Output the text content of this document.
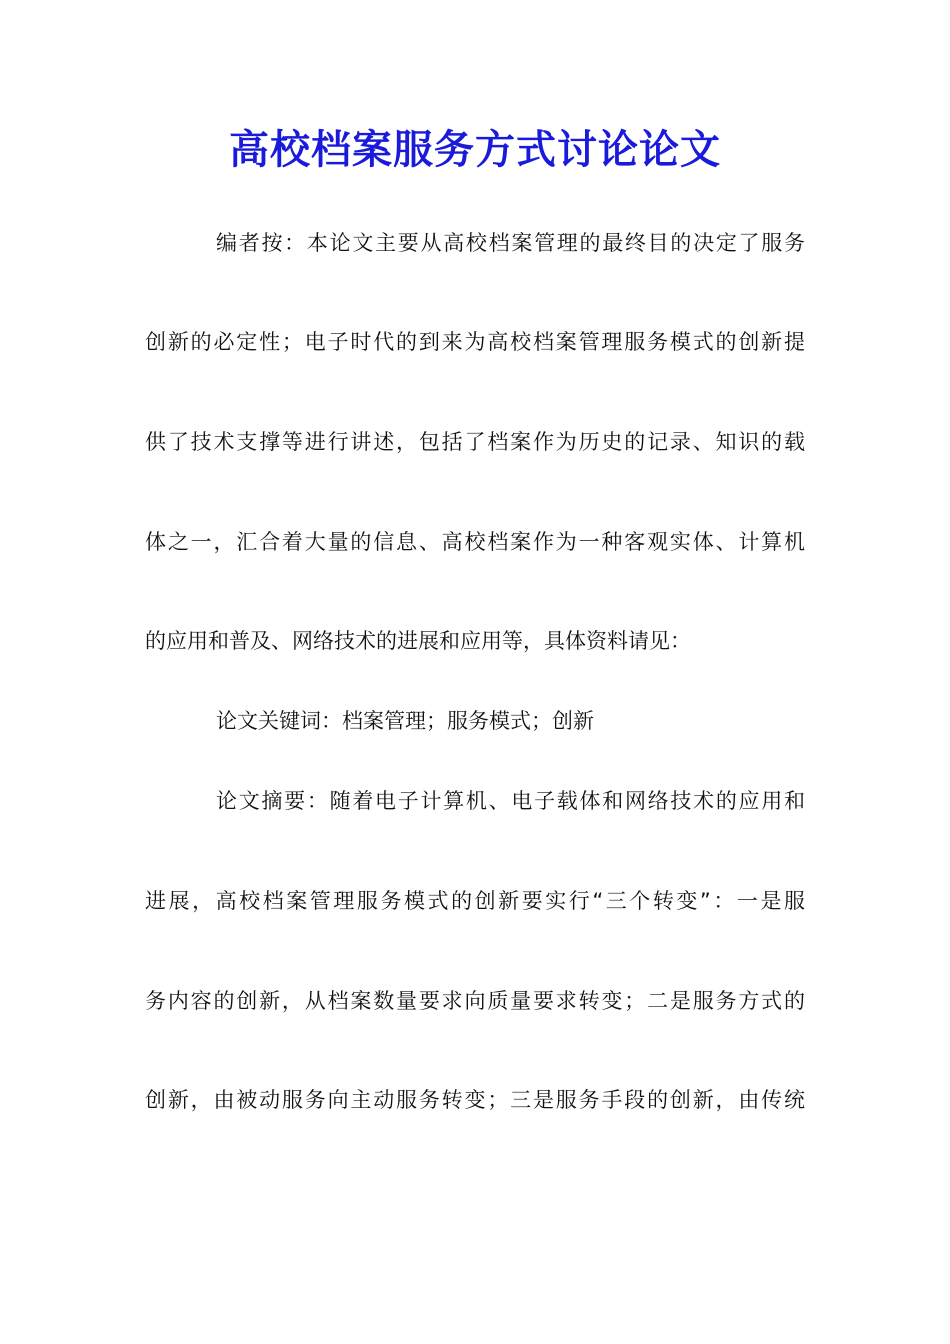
高校档案服务方式讨论论文
编者按：本论文主要从高校档案管理的最终目的决定了服务
创新的必定性；电子时代的到来为高校档案管理服务模式的创新提
供了技术支撑等进行讲述，包括了档案作为历史的记录、知识的载
体之一，汇合着大量的信息、高校档案作为一种客观实体、计算机
的应用和普及、网络技术的进展和应用等，具体资料请见：
论文关键词：档案管理；服务模式；创新
论文摘要：随着电子计算机、电子载体和网络技术的应用和
进展，高校档案管理服务模式的创新要实行“三个转变”：一是服
务内容的创新，从档案数量要求向质量要求转变；二是服务方式的
创新，由被动服务向主动服务转变；三是服务手段的创新，由传统
